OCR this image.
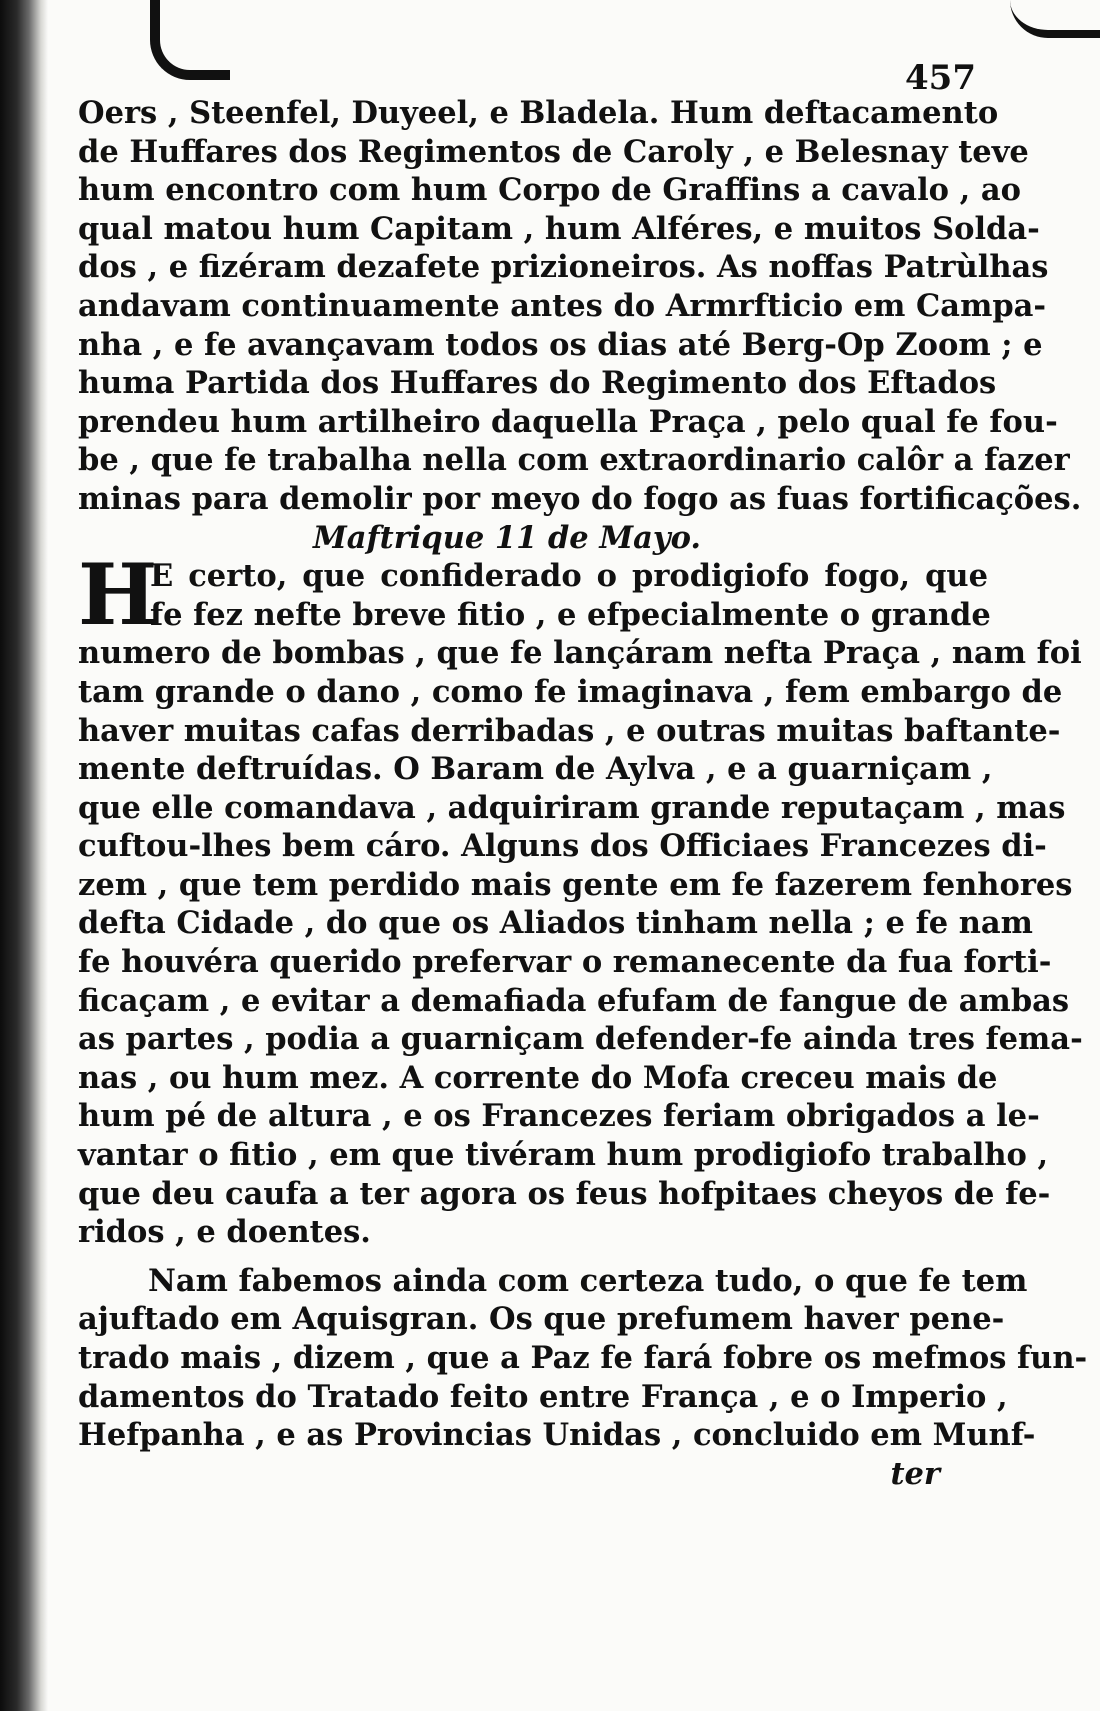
457
Oers , Steenfel, Duyeel, e Bladela. Hum deftacamento
de Huffares dos Regimentos de Caroly , e Belesnay teve
hum encontro com hum Corpo de Graffins a cavalo , ao
qual matou hum Capitam , hum Alféres, e muitos Solda-
dos , e fizéram dezafete prizioneiros. As noffas Patrùlhas
andavam continuamente antes do Armrfticio em Campa-
nha , e fe avançavam todos os dias até Berg-Op Zoom ; e
huma Partida dos Huffares do Regimento dos Eftados
prendeu hum artilheiro daquella Praça , pelo qual fe fou-
be , que fe trabalha nella com extraordinario calôr a fazer
minas para demolir por meyo do fogo as fuas fortificações.
Maftrique 11 de Mayo.
H
E certo, que confiderado o prodigiofo fogo, que
fe fez nefte breve fitio , e efpecialmente o grande
numero de bombas , que fe lançáram nefta Praça , nam foi
tam grande o dano , como fe imaginava , fem embargo de
haver muitas cafas derribadas , e outras muitas baftante-
mente deftruídas. O Baram de Aylva , e a guarniçam ,
que elle comandava , adquiriram grande reputaçam , mas
cuftou-lhes bem cáro. Alguns dos Officiaes Francezes di-
zem , que tem perdido mais gente em fe fazerem fenhores
defta Cidade , do que os Aliados tinham nella ; e fe nam
fe houvéra querido prefervar o remanecente da fua forti-
ficaçam , e evitar a demafiada efufam de fangue de ambas
as partes , podia a guarniçam defender-fe ainda tres fema-
nas , ou hum mez. A corrente do Mofa creceu mais de
hum pé de altura , e os Francezes feriam obrigados a le-
vantar o fitio , em que tivéram hum prodigiofo trabalho ,
que deu caufa a ter agora os feus hofpitaes cheyos de fe-
ridos , e doentes.
Nam fabemos ainda com certeza tudo, o que fe tem
ajuftado em Aquisgran. Os que prefumem haver pene-
trado mais , dizem , que a Paz fe fará fobre os mefmos fun-
damentos do Tratado feito entre França , e o Imperio ,
Hefpanha , e as Provincias Unidas , concluido em Munf-
ter
